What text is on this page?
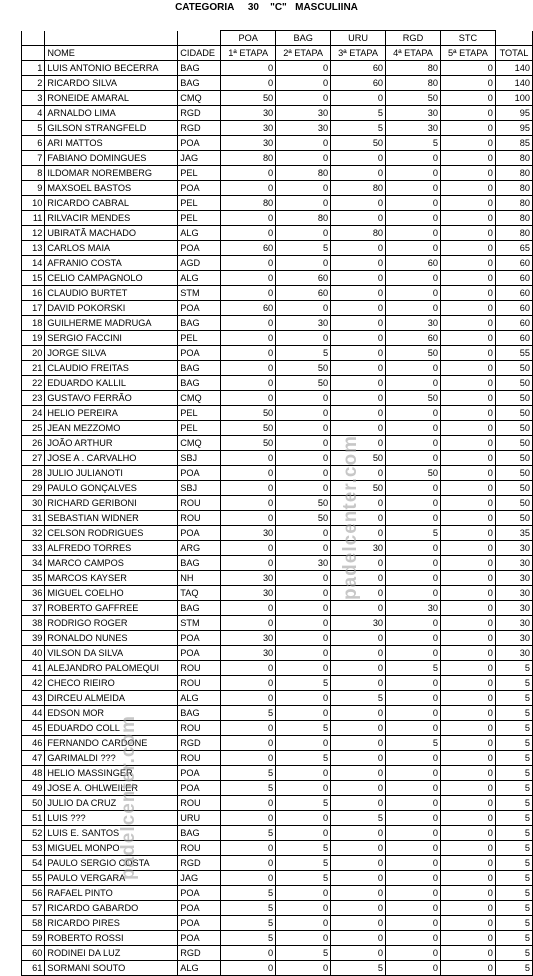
CATEGORIA     30    "C"   MASCULIINA
				POA	BAG	URU	RGD	STC	
		NOME	CIDADE	1ª ETAPA	2ª ETAPA	3ª ETAPA	4ª ETAPA	5ª ETAPA	TOTAL
	1	LUIS ANTONIO BECERRA	BAG	0	0	60	80	0	140
	2	RICARDO SILVA	BAG	0	0	60	80	0	140
	3	RONEIDE AMARAL	CMQ	50	0	0	50	0	100
	4	ARNALDO LIMA	RGD	30	30	5	30	0	95
	5	GILSON STRANGFELD	RGD	30	30	5	30	0	95
	6	ARI MATTOS	POA	30	0	50	5	0	85
	7	FABIANO DOMINGUES	JAG	80	0	0	0	0	80
	8	ILDOMAR NOREMBERG	PEL	0	80	0	0	0	80
	9	MAXSOEL BASTOS	POA	0	0	80	0	0	80
	10	RICARDO CABRAL	PEL	80	0	0	0	0	80
	11	RILVACIR MENDES	PEL	0	80	0	0	0	80
	12	UBIRATÃ MACHADO	ALG	0	0	80	0	0	80
	13	CARLOS MAIA	POA	60	5	0	0	0	65
	14	AFRANIO COSTA	AGD	0	0	0	60	0	60
	15	CELIO CAMPAGNOLO	ALG	0	60	0	0	0	60
	16	CLAUDIO BURTET	STM	0	60	0	0	0	60
	17	DAVID POKORSKI	POA	60	0	0	0	0	60
	18	GUILHERME MADRUGA	BAG	0	30	0	30	0	60
	19	SERGIO FACCINI	PEL	0	0	0	60	0	60
	20	JORGE SILVA	POA	0	5	0	50	0	55
	21	CLAUDIO FREITAS	BAG	0	50	0	0	0	50
	22	EDUARDO KALLIL	BAG	0	50	0	0	0	50
	23	GUSTAVO FERRÃO	CMQ	0	0	0	50	0	50
	24	HELIO PEREIRA	PEL	50	0	0	0	0	50
	25	JEAN MEZZOMO	PEL	50	0	0	0	0	50
	26	JOÃO ARTHUR	CMQ	50	0	0	0	0	50
	27	JOSE A . CARVALHO	SBJ	0	0	50	0	0	50
	28	JULIO JULIANOTI	POA	0	0	0	50	0	50
	29	PAULO GONÇALVES	SBJ	0	0	50	0	0	50
	30	RICHARD GERIBONI	ROU	0	50	0	0	0	50
	31	SEBASTIAN WIDNER	ROU	0	50	0	0	0	50
	32	CELSON RODRIGUES	POA	30	0	0	5	0	35
	33	ALFREDO TORRES	ARG	0	0	30	0	0	30
	34	MARCO CAMPOS	BAG	0	30	0	0	0	30
	35	MARCOS KAYSER	NH	30	0	0	0	0	30
	36	MIGUEL COELHO	TAQ	30	0	0	0	0	30
	37	ROBERTO GAFFREE	BAG	0	0	0	30	0	30
	38	RODRIGO ROGER	STM	0	0	30	0	0	30
	39	RONALDO NUNES	POA	30	0	0	0	0	30
	40	VILSON DA SILVA	POA	30	0	0	0	0	30
	41	ALEJANDRO PALOMEQUI	ROU	0	0	0	5	0	5
	42	CHECO RIEIRO	ROU	0	5	0	0	0	5
	43	DIRCEU ALMEIDA	ALG	0	0	5	0	0	5
	44	EDSON MOR	BAG	5	0	0	0	0	5
	45	EDUARDO COLL	ROU	0	5	0	0	0	5
	46	FERNANDO CARDONE	RGD	0	0	0	5	0	5
	47	GARIMALDI ???	ROU	0	5	0	0	0	5
	48	HELIO MASSINGER	POA	5	0	0	0	0	5
	49	JOSE A. OHLWEILER	POA	5	0	0	0	0	5
	50	JULIO DA CRUZ	ROU	0	5	0	0	0	5
	51	LUIS ???	URU	0	0	5	0	0	5
	52	LUIS E. SANTOS	BAG	5	0	0	0	0	5
	53	MIGUEL MONPO	ROU	0	5	0	0	0	5
	54	PAULO SERGIO COSTA	RGD	0	5	0	0	0	5
	55	PAULO VERGARA	JAG	0	5	0	0	0	5
	56	RAFAEL PINTO	POA	5	0	0	0	0	5
	57	RICARDO GABARDO	POA	5	0	0	0	0	5
	58	RICARDO PIRES	POA	5	0	0	0	0	5
	59	ROBERTO ROSSI	POA	5	0	0	0	0	5
	60	RODINEI DA LUZ	RGD	0	5	0	0	0	5
	61	SORMANI SOUTO	ALG	0	0	5	0	0	5
padelcenter.com
padelcenter.com
